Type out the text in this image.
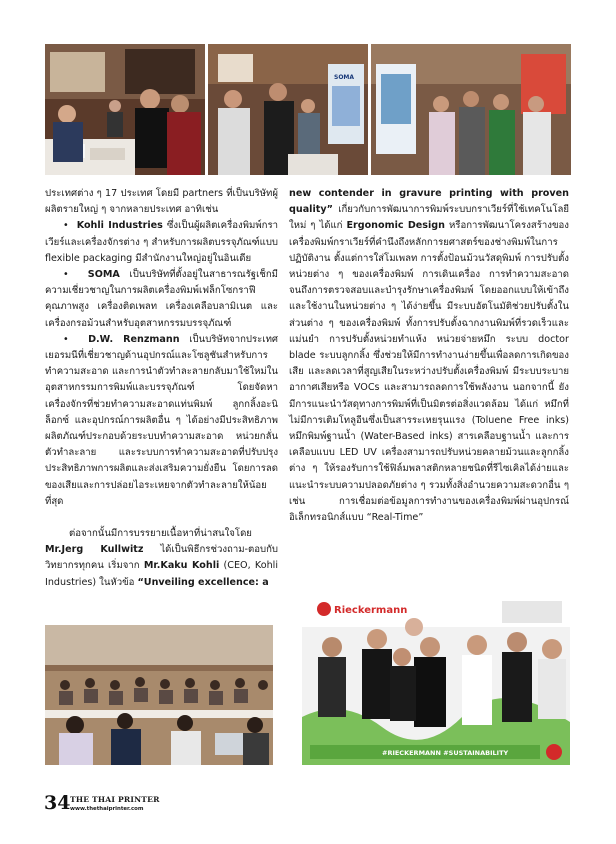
SOMA

ประเทศต่าง ๆ 17 ประเทศ โดยมี partners ที่เป็นบริษัทผู้ผลิตรายใหญ่ ๆ จากหลายประเทศ อาทิเช่น

•  Kohli Industries ซึ่งเป็นผู้ผลิตเครื่องพิมพ์กราเวียร์และเครื่องจักรต่าง ๆ สำหรับการผลิตบรรจุภัณฑ์แบบ flexible packaging มีสำนักงานใหญ่อยู่ในอินเดีย

•  SOMA เป็นบริษัทที่ตั้งอยู่ในสาธารณรัฐเช็กมีความเชี่ยวชาญในการผลิตเครื่องพิมพ์เฟล็กโซกราฟีคุณภาพสูง เครื่องติดเพลท เครื่องเคลือบลามิเนต และเครื่องกรอม้วนสำหรับอุตสาหกรรมบรรจุภัณฑ์

•  D.W. Renzmann เป็นบริษัทจากประเทศเยอรมนีที่เชี่ยวชาญด้านอุปกรณ์และโซลูชันสำหรับการทำความสะอาด และการนำตัวทำละลายกลับมาใช้ใหม่ในอุตสาหกรรมการพิมพ์และบรรจุภัณฑ์ โดยจัดหาเครื่องจักรที่ช่วยทำความสะอาดแท่นพิมพ์ ลูกกลิ้งอะนิล็อกซ์ และอุปกรณ์การผลิตอื่น ๆ ได้อย่างมีประสิทธิภาพ ผลิตภัณฑ์ประกอบด้วยระบบทำความสะอาด หน่วยกลั่นตัวทำละลาย และระบบการทำความสะอาดที่ปรับปรุงประสิทธิภาพการผลิตและส่งเสริมความยั่งยืน โดยการลดของเสียและการปล่อยไอระเหยจากตัวทำละลายให้น้อยที่สุด

ต่อจากนั้นมีการบรรยายเนื้อหาที่น่าสนใจโดย Mr.Jerg Kullwitz ได้เป็นพิธีกรช่วงถาม-ตอบกับวิทยากรทุกคน เริ่มจาก Mr.Kaku Kohli (CEO, Kohli Industries) ในหัวข้อ “Unveiling excellence: a

new contender in gravure printing with proven quality” เกี่ยวกับการพัฒนาการพิมพ์ระบบกราเวียร์ที่ใช้เทคโนโลยีใหม่ ๆ ได้แก่ Ergonomic Design หรือการพัฒนาโครงสร้างของเครื่องพิมพ์กราเวียร์ที่คำนึงถึงหลักการยศาสตร์ของช่างพิมพ์ในการปฏิบัติงาน ตั้งแต่การใส่โมเพลท การตั้งป้อนม้วนวัสดุพิมพ์ การปรับตั้งหน่วยต่าง ๆ ของเครื่องพิมพ์ การเดินเครื่อง การทำความสะอาด จนถึงการตรวจสอบและบำรุงรักษาเครื่องพิมพ์ โดยออกแบบให้เข้าถึงและใช้งานในหน่วยต่าง ๆ ได้ง่ายขึ้น มีระบบอัตโนมัติช่วยปรับตั้งในส่วนต่าง ๆ ของเครื่องพิมพ์ ทั้งการปรับตั้งฉากงานพิมพ์ที่รวดเร็วและแม่นยำ การปรับตั้งหน่วยทำแห้ง หน่วยจ่ายหมึก ระบบ doctor blade ระบบลูกกลิ้ง ซึ่งช่วยให้มีการทำงานง่ายขึ้นเพื่อลดการเกิดของเสีย และลดเวลาที่สูญเสียในระหว่างปรับตั้งเครื่องพิมพ์ มีระบบระบายอากาศเสียหรือ VOCs และสามารถลดการใช้พลังงาน นอกจากนี้ ยังมีการแนะนำวัสดุทางการพิมพ์ที่เป็นมิตรต่อสิ่งแวดล้อม ได้แก่ หมึกที่ไม่มีการเติมโทลูอีนซึ่งเป็นสารระเหยรุนแรง (Toluene Free inks) หมึกพิมพ์ฐานน้ำ (Water-Based inks) สารเคลือบฐานน้ำ และการเคลือบแบบ LED UV เครื่องสามารถปรับหน่วยคลายม้วนและลูกกลิ้งต่าง ๆ ให้รองรับการใช้ฟิล์มพลาสติกหลายชนิดที่รีไซเคิลได้ง่ายและแนะนำระบบความปลอดภัยต่าง ๆ รวมทั้งสิ่งอำนวยความสะดวกอื่น ๆ เช่น การเชื่อมต่อข้อมูลการทำงานของเครื่องพิมพ์ผ่านอุปกรณ์อิเล็กทรอนิกส์แบบ “Real-Time”

Rieckermann
#RIECKERMANN #SUSTAINABILITY
34 THE THAI PRINTER
www.thethaiprinter.com
